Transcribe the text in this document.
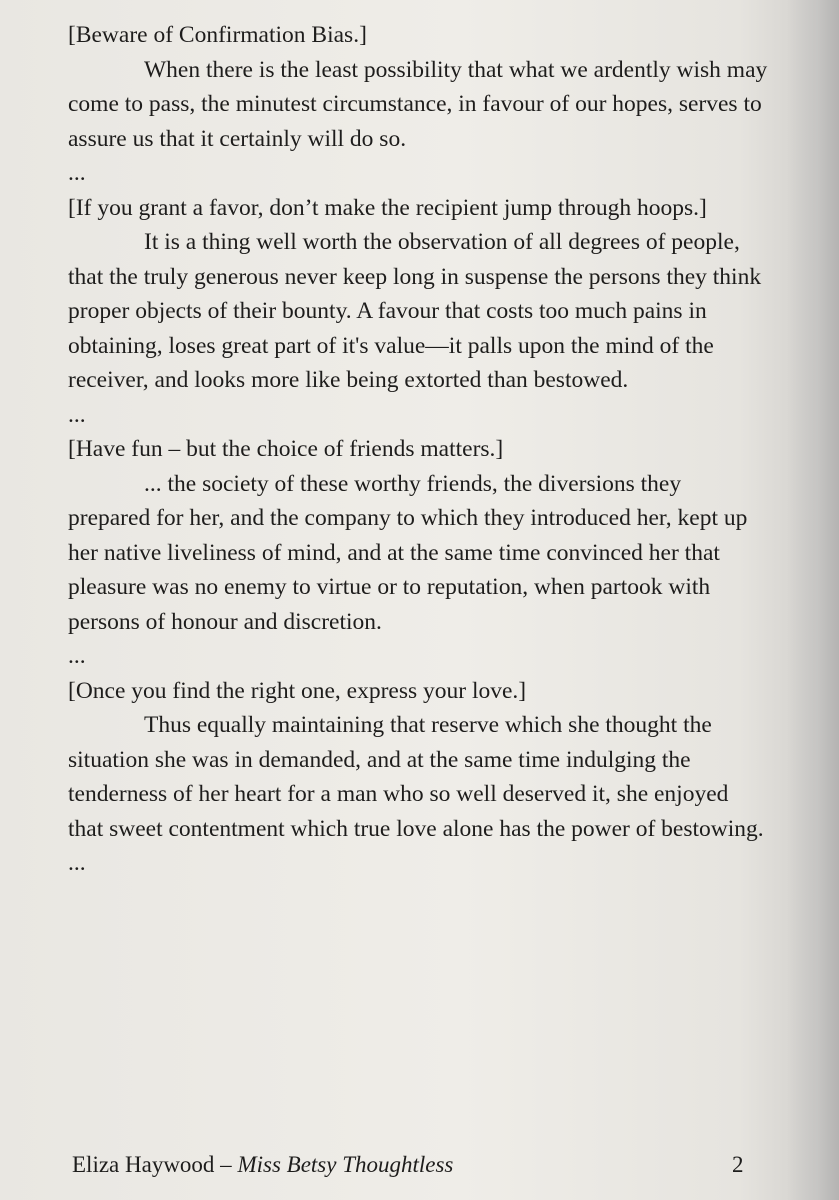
[Beware of Confirmation Bias.]

When there is the least possibility that what we ardently wish may come to pass, the minutest circumstance, in favour of our hopes, serves to assure us that it certainly will do so.

...

[If you grant a favor, don’t make the recipient jump through hoops.]

It is a thing well worth the observation of all degrees of people, that the truly generous never keep long in suspense the persons they think proper objects of their bounty. A favour that costs too much pains in obtaining, loses great part of it's value—it palls upon the mind of the receiver, and looks more like being extorted than bestowed.

...

[Have fun – but the choice of friends matters.]

... the society of these worthy friends, the diversions they prepared for her, and the company to which they introduced her, kept up her native liveliness of mind, and at the same time convinced her that pleasure was no enemy to virtue or to reputation, when partook with persons of honour and discretion.

...

[Once you find the right one, express your love.]

Thus equally maintaining that reserve which she thought the situation she was in demanded, and at the same time indulging the tenderness of her heart for a man who so well deserved it, she enjoyed that sweet contentment which true love alone has the power of bestowing.

...

Eliza Haywood – Miss Betsy Thoughtless	2
